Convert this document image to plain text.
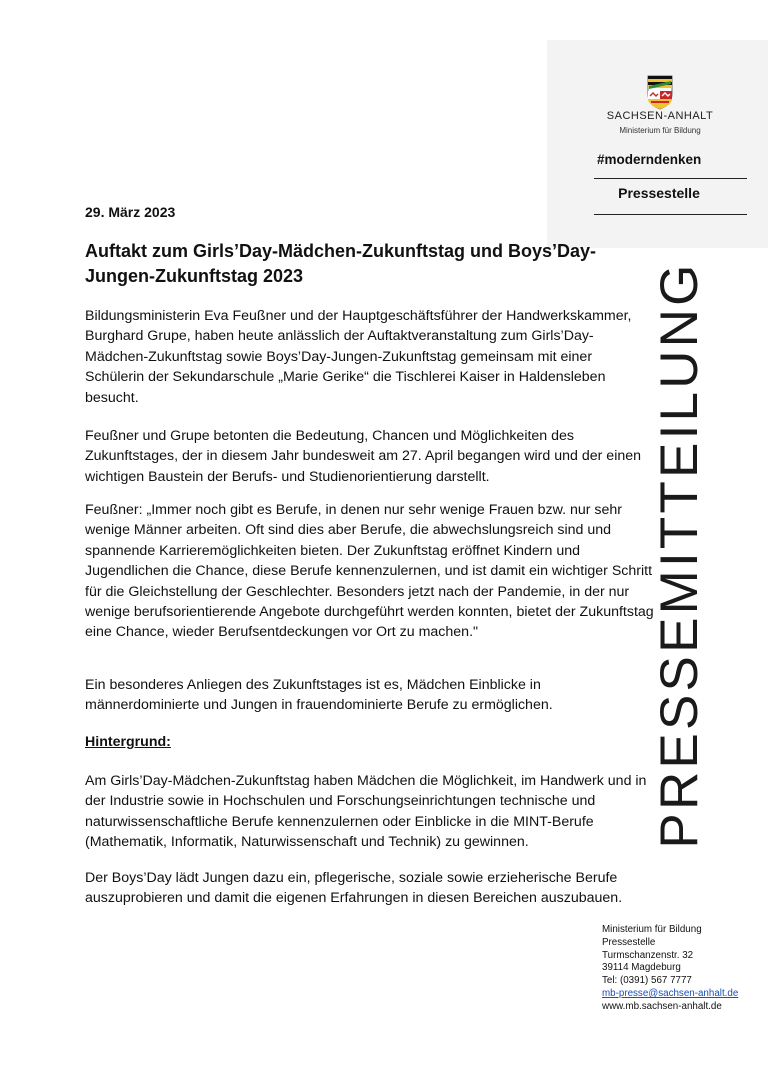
SACHSEN-ANHALT
Ministerium für Bildung
#moderndenken
Pressestelle
PRESSEMITTEILUNG
29. März 2023
Auftakt zum Girls’Day-Mädchen-Zukunftstag und Boys’Day-Jungen-Zukunftstag 2023

Bildungsministerin Eva Feußner und der Hauptgeschäftsführer der Handwerkskammer, Burghard Grupe, haben heute anlässlich der Auftaktveranstaltung zum Girls’Day-Mädchen-Zukunftstag sowie Boys’Day-Jungen-Zukunftstag gemeinsam mit einer Schülerin der Sekundarschule „Marie Gerike“ die Tischlerei Kaiser in Haldensleben besucht.

Feußner und Grupe betonten die Bedeutung, Chancen und Möglichkeiten des Zukunftstages, der in diesem Jahr bundesweit am 27. April begangen wird und der einen wichtigen Baustein der Berufs- und Studienorientierung darstellt.

Feußner: „Immer noch gibt es Berufe, in denen nur sehr wenige Frauen bzw. nur sehr wenige Männer arbeiten. Oft sind dies aber Berufe, die abwechslungsreich sind und spannende Karrieremöglichkeiten bieten. Der Zukunftstag eröffnet Kindern und Jugendlichen die Chance, diese Berufe kennenzulernen, und ist damit ein wichtiger Schritt für die Gleichstellung der Geschlechter. Besonders jetzt nach der Pandemie, in der nur wenige berufsorientierende Angebote durchgeführt werden konnten, bietet der Zukunftstag eine Chance, wieder Berufsentdeckungen vor Ort zu machen."

Ein besonderes Anliegen des Zukunftstages ist es, Mädchen Einblicke in männerdominierte und Jungen in frauendominierte Berufe zu ermöglichen.

Hintergrund:

Am Girls’Day-Mädchen-Zukunftstag haben Mädchen die Möglichkeit, im Handwerk und in der Industrie sowie in Hochschulen und Forschungseinrichtungen technische und naturwissenschaftliche Berufe kennenzulernen oder Einblicke in die MINT-Berufe (Mathematik, Informatik, Naturwissenschaft und Technik) zu gewinnen.

Der Boys’Day lädt Jungen dazu ein, pflegerische, soziale sowie erzieherische Berufe auszuprobieren und damit die eigenen Erfahrungen in diesen Bereichen auszubauen.

Ministerium für Bildung
Pressestelle
Turmschanzenstr. 32
39114 Magdeburg
Tel: (0391) 567 7777
mb-presse@sachsen-anhalt.de
www.mb.sachsen-anhalt.de
